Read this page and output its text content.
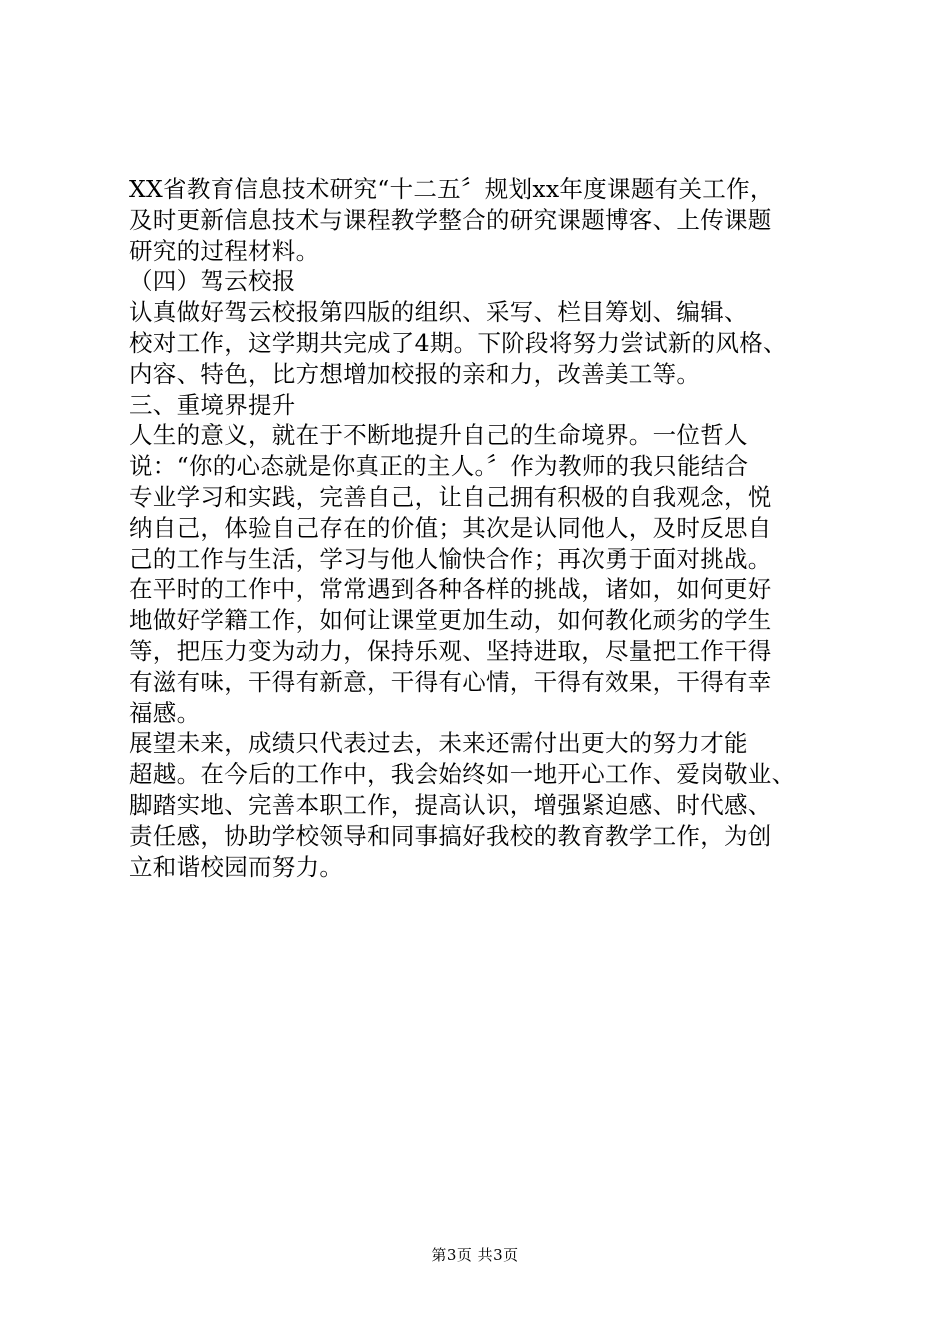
XX省教育信息技术研究“十二五〞规划xx年度课题有关工作，
及时更新信息技术与课程教学整合的研究课题博客、上传课题
研究的过程材料。
（四）驾云校报
认真做好驾云校报第四版的组织、采写、栏目筹划、编辑、
校对工作，这学期共完成了4期。下阶段将努力尝试新的风格、
内容、特色，比方想增加校报的亲和力，改善美工等。
三、重境界提升
人生的意义，就在于不断地提升自己的生命境界。一位哲人
说：“你的心态就是你真正的主人。〞作为教师的我只能结合
专业学习和实践，完善自己，让自己拥有积极的自我观念，悦
纳自己，体验自己存在的价值；其次是认同他人，及时反思自
己的工作与生活，学习与他人愉快合作；再次勇于面对挑战。
在平时的工作中，常常遇到各种各样的挑战，诸如，如何更好
地做好学籍工作，如何让课堂更加生动，如何教化顽劣的学生
等，把压力变为动力，保持乐观、坚持进取，尽量把工作干得
有滋有味，干得有新意，干得有心情，干得有效果，干得有幸
福感。
展望未来，成绩只代表过去，未来还需付出更大的努力才能
超越。在今后的工作中，我会始终如一地开心工作、爱岗敬业、
脚踏实地、完善本职工作，提高认识，增强紧迫感、时代感、
责任感，协助学校领导和同事搞好我校的教育教学工作，为创
立和谐校园而努力。
第3页 共3页
